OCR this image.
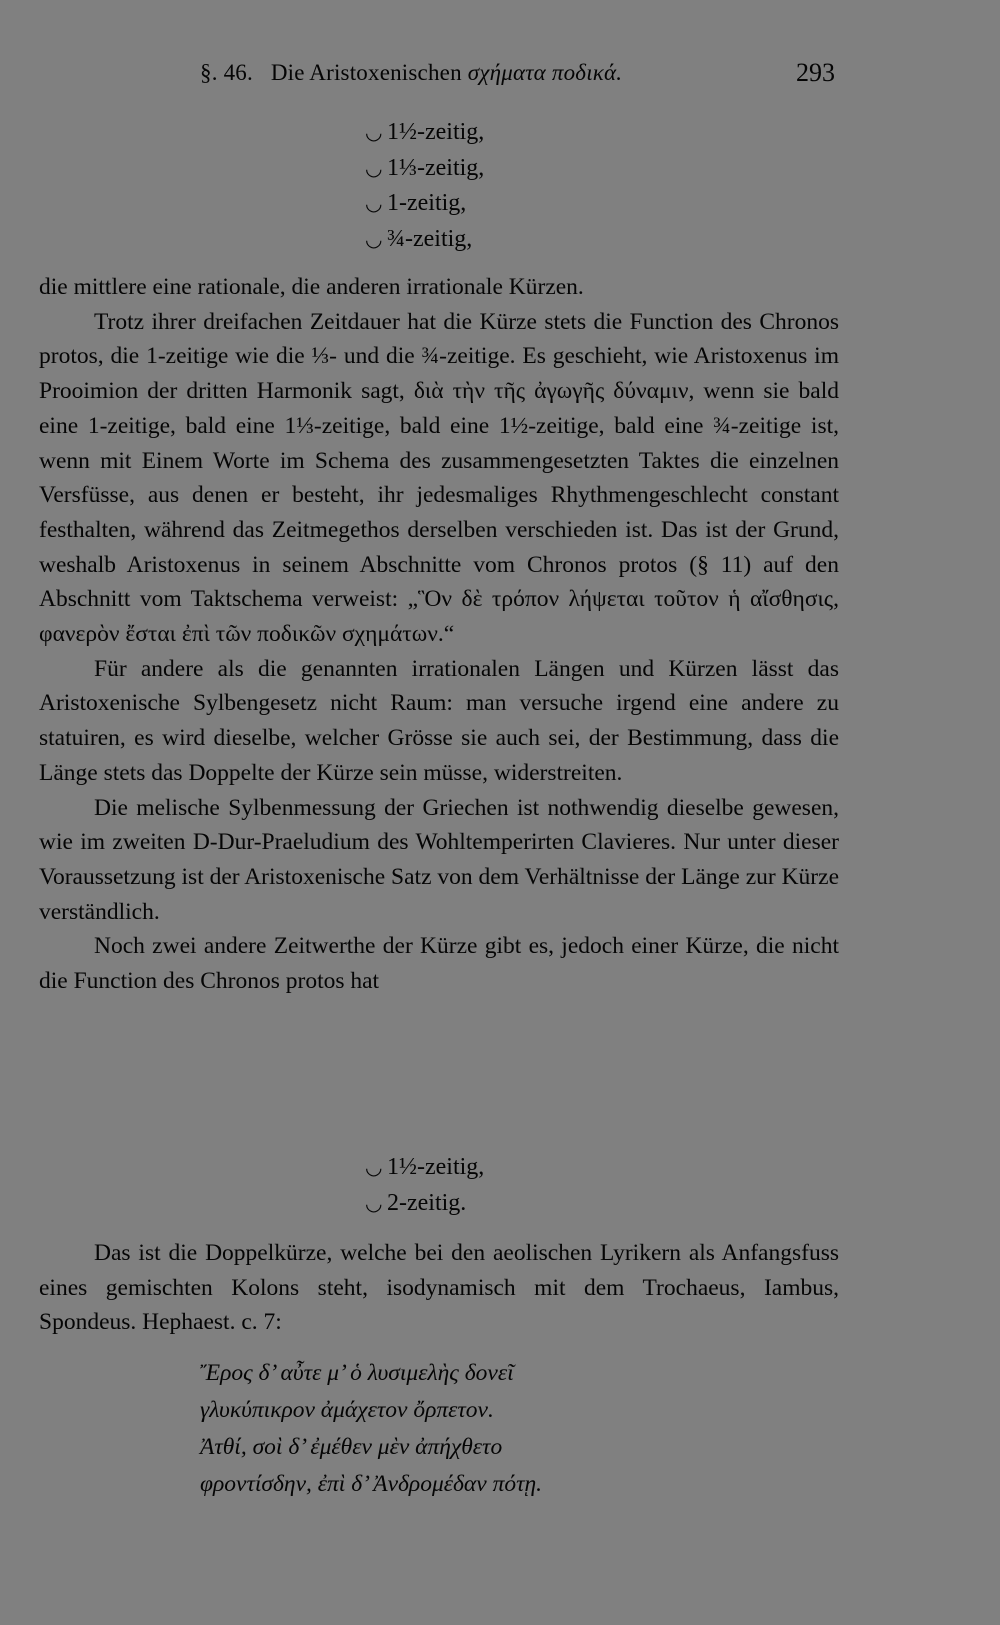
§. 46. Die Aristoxenischen σχήματα ποδικά.	293
◡ 1½-zeitig,
◡ 1⅓-zeitig,
◡ 1-zeitig,
◡ ¾-zeitig,

die mittlere eine rationale, die anderen irrationale Kürzen.

Trotz ihrer dreifachen Zeitdauer hat die Kürze stets die Function des Chronos protos, die 1-zeitige wie die ⅓- und die ¾-zeitige. Es geschieht, wie Aristoxenus im Prooimion der dritten Harmonik sagt, διὰ τὴν τῆς ἀγωγῆς δύναμιν, wenn sie bald eine 1-zeitige, bald eine 1⅓-zeitige, bald eine 1½-zeitige, bald eine ¾-zeitige ist, wenn mit Einem Worte im Schema des zusammengesetzten Taktes die einzelnen Versfüsse, aus denen er besteht, ihr jedesmaliges Rhythmengeschlecht constant festhalten, während das Zeitmegethos derselben verschieden ist. Das ist der Grund, weshalb Aristoxenus in seinem Abschnitte vom Chronos protos (§ 11) auf den Abschnitt vom Taktschema verweist: „Ὃν δὲ τρόπον λήψεται τοῦτον ἡ αἴσθησις, φανερὸν ἔσται ἐπὶ τῶν ποδικῶν σχημάτων.“

Für andere als die genannten irrationalen Längen und Kürzen lässt das Aristoxenische Sylbengesetz nicht Raum: man versuche irgend eine andere zu statuiren, es wird dieselbe, welcher Grösse sie auch sei, der Bestimmung, dass die Länge stets das Doppelte der Kürze sein müsse, widerstreiten.

Die melische Sylbenmessung der Griechen ist nothwendig dieselbe gewesen, wie im zweiten D-Dur-Praeludium des Wohltemperirten Clavieres. Nur unter dieser Voraussetzung ist der Aristoxenische Satz von dem Verhältnisse der Länge zur Kürze verständlich.

Noch zwei andere Zeitwerthe der Kürze gibt es, jedoch einer Kürze, die nicht die Function des Chronos protos hat

◡ 1½-zeitig,
◡ 2-zeitig.

Das ist die Doppelkürze, welche bei den aeolischen Lyrikern als Anfangsfuss eines gemischten Kolons steht, isodynamisch mit dem Trochaeus, Iambus, Spondeus. Hephaest. c. 7:

Ἔρος δ’ αὖτε μ’ ὁ λυσιμελὴς δονεῖ
γλυκύπικρον ἀμάχετον ὄρπετον.
Ἀτθί, σοὶ δ’ ἐμέθεν μὲν ἀπήχθετο
φροντίσδην, ἐπὶ δ’ Ἀνδρομέδαν πότῃ.
